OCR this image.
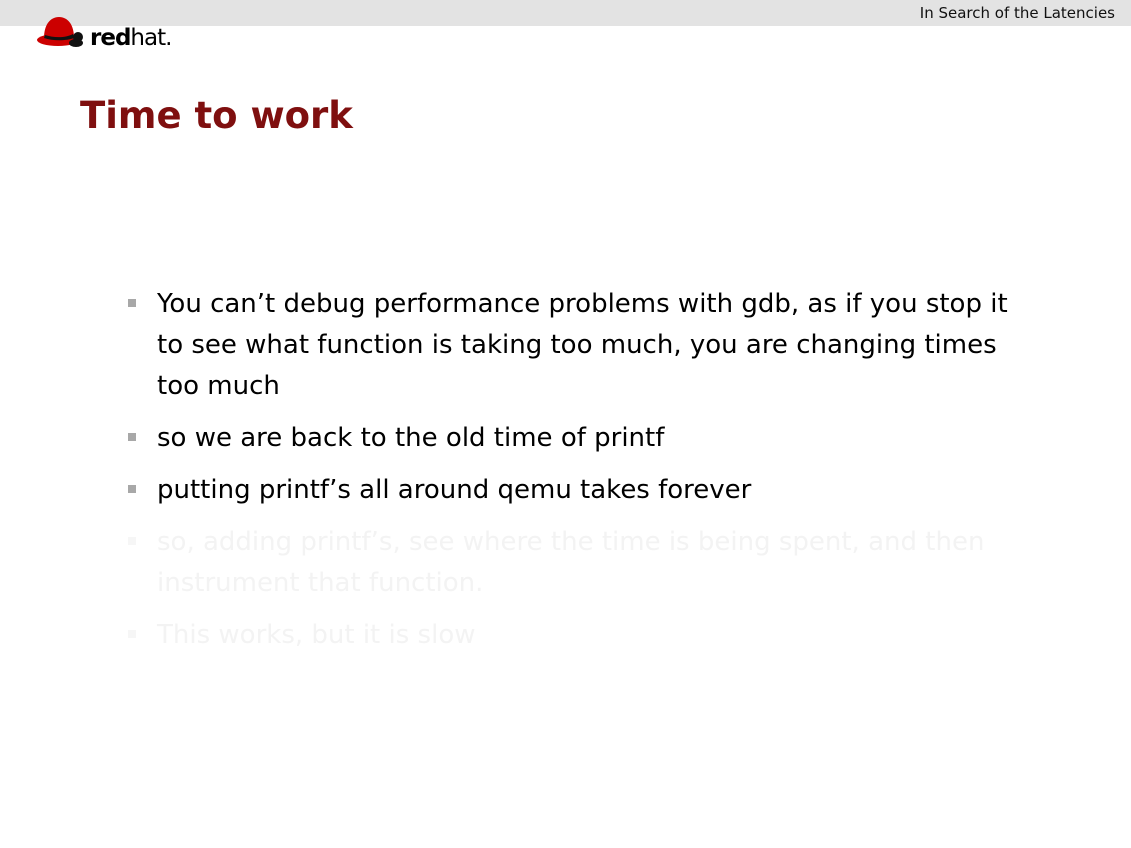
In Search of the Latencies
redhat.
Time to work
You can’t debug performance problems with gdb, as if you stop it to see what function is taking too much, you are changing times too much
so we are back to the old time of printf
putting printf’s all around qemu takes forever
so, adding printf’s, see where the time is being spent, and then instrument that function.
This works, but it is slow
